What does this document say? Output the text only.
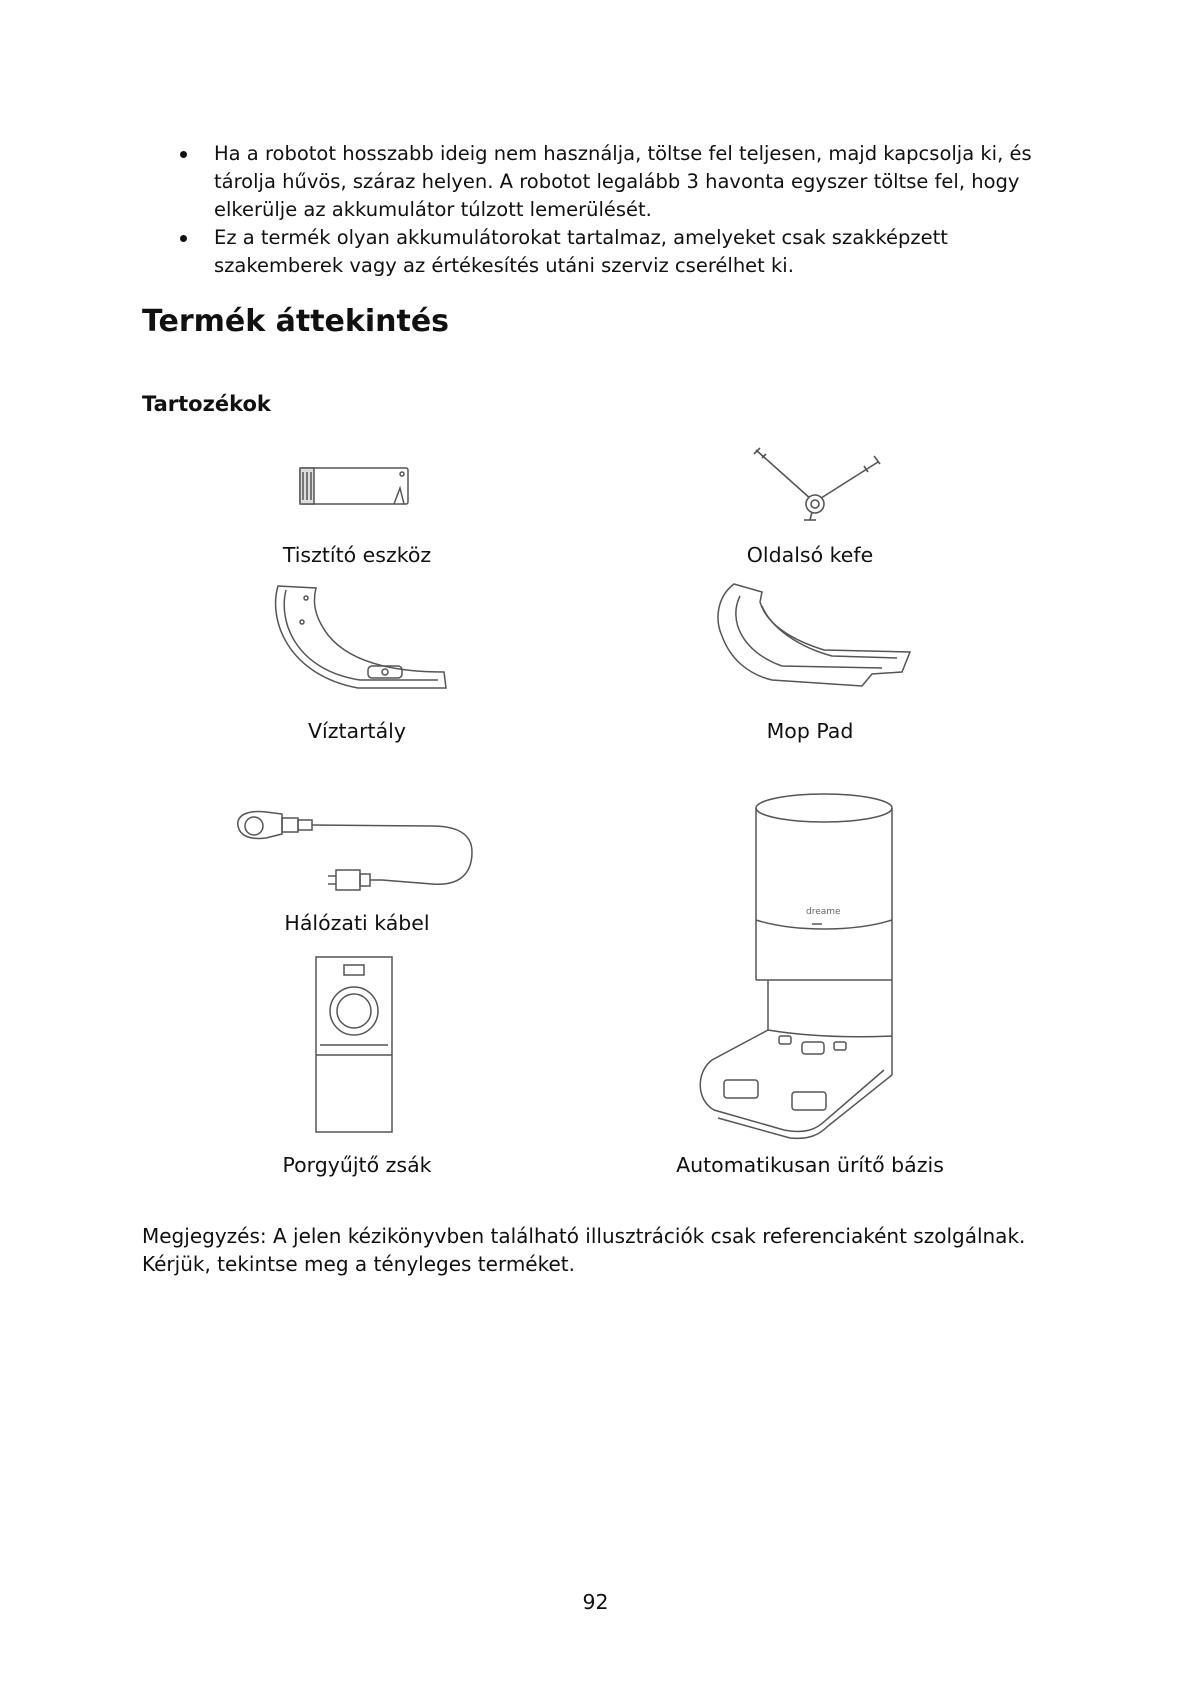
Ha a robotot hosszabb ideig nem használja, töltse fel teljesen, majd kapcsolja ki, és tárolja hűvös, száraz helyen. A robotot legalább 3 havonta egyszer töltse fel, hogy elkerülje az akkumulátor túlzott lemerülését.
Ez a termék olyan akkumulátorokat tartalmaz, amelyeket csak szakképzett szakemberek vagy az értékesítés utáni szerviz cserélhet ki.
Termék áttekintés
Tartozékok
Tisztító eszköz	Oldalsó kefe
Víztartály	Mop Pad
Hálózati kábel
Porgyűjtő zsák
dreame
Automatikusan ürítő bázis

Megjegyzés: A jelen kézikönyvben található illusztrációk csak referenciaként szolgálnak. Kérjük, tekintse meg a tényleges terméket.

92
